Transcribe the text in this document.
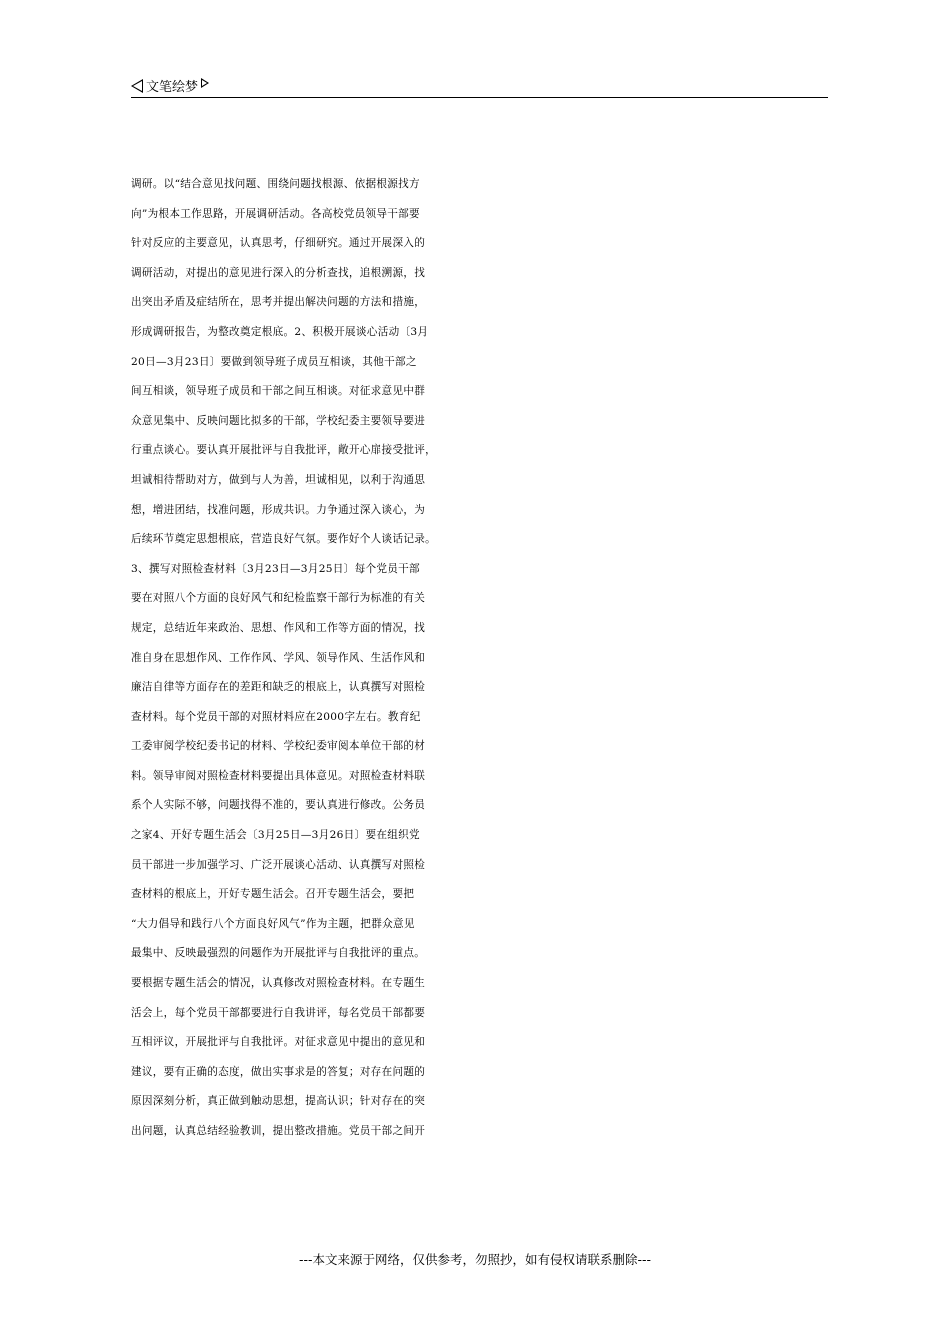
文笔绘梦
调研。以“结合意见找问题、围绕问题找根源、依据根源找方
向”为根本工作思路，开展调研活动。各高校党员领导干部要
针对反应的主要意见，认真思考，仔细研究。通过开展深入的
调研活动，对提出的意见进行深入的分析查找，追根溯源，找
出突出矛盾及症结所在，思考并提出解决问题的方法和措施，
形成调研报告，为整改奠定根底。2、积极开展谈心活动〔3月
20日—3月23日〕要做到领导班子成员互相谈，其他干部之
间互相谈，领导班子成员和干部之间互相谈。对征求意见中群
众意见集中、反映问题比拟多的干部，学校纪委主要领导要进
行重点谈心。要认真开展批评与自我批评，敞开心扉接受批评，
坦诚相待帮助对方，做到与人为善，坦诚相见，以利于沟通思
想，增进团结，找准问题，形成共识。力争通过深入谈心，为
后续环节奠定思想根底，营造良好气氛。要作好个人谈话记录。
3、撰写对照检查材料〔3月23日—3月25日〕每个党员干部
要在对照八个方面的良好风气和纪检监察干部行为标准的有关
规定，总结近年来政治、思想、作风和工作等方面的情况，找
准自身在思想作风、工作作风、学风、领导作风、生活作风和
廉洁自律等方面存在的差距和缺乏的根底上，认真撰写对照检
查材料。每个党员干部的对照材料应在2000字左右。教育纪
工委审阅学校纪委书记的材料、学校纪委审阅本单位干部的材
料。领导审阅对照检查材料要提出具体意见。对照检查材料联
系个人实际不够，问题找得不准的，要认真进行修改。公务员
之家4、开好专题生活会〔3月25日—3月26日〕要在组织党
员干部进一步加强学习、广泛开展谈心活动、认真撰写对照检
查材料的根底上，开好专题生活会。召开专题生活会，要把
“大力倡导和践行八个方面良好风气”作为主题，把群众意见
最集中、反映最强烈的问题作为开展批评与自我批评的重点。
要根据专题生活会的情况，认真修改对照检查材料。在专题生
活会上，每个党员干部都要进行自我讲评，每名党员干部都要
互相评议，开展批评与自我批评。对征求意见中提出的意见和
建议，要有正确的态度，做出实事求是的答复；对存在问题的
原因深刻分析，真正做到触动思想，提高认识；针对存在的突
出问题，认真总结经验教训，提出整改措施。党员干部之间开
---本文来源于网络，仅供参考，勿照抄，如有侵权请联系删除---
